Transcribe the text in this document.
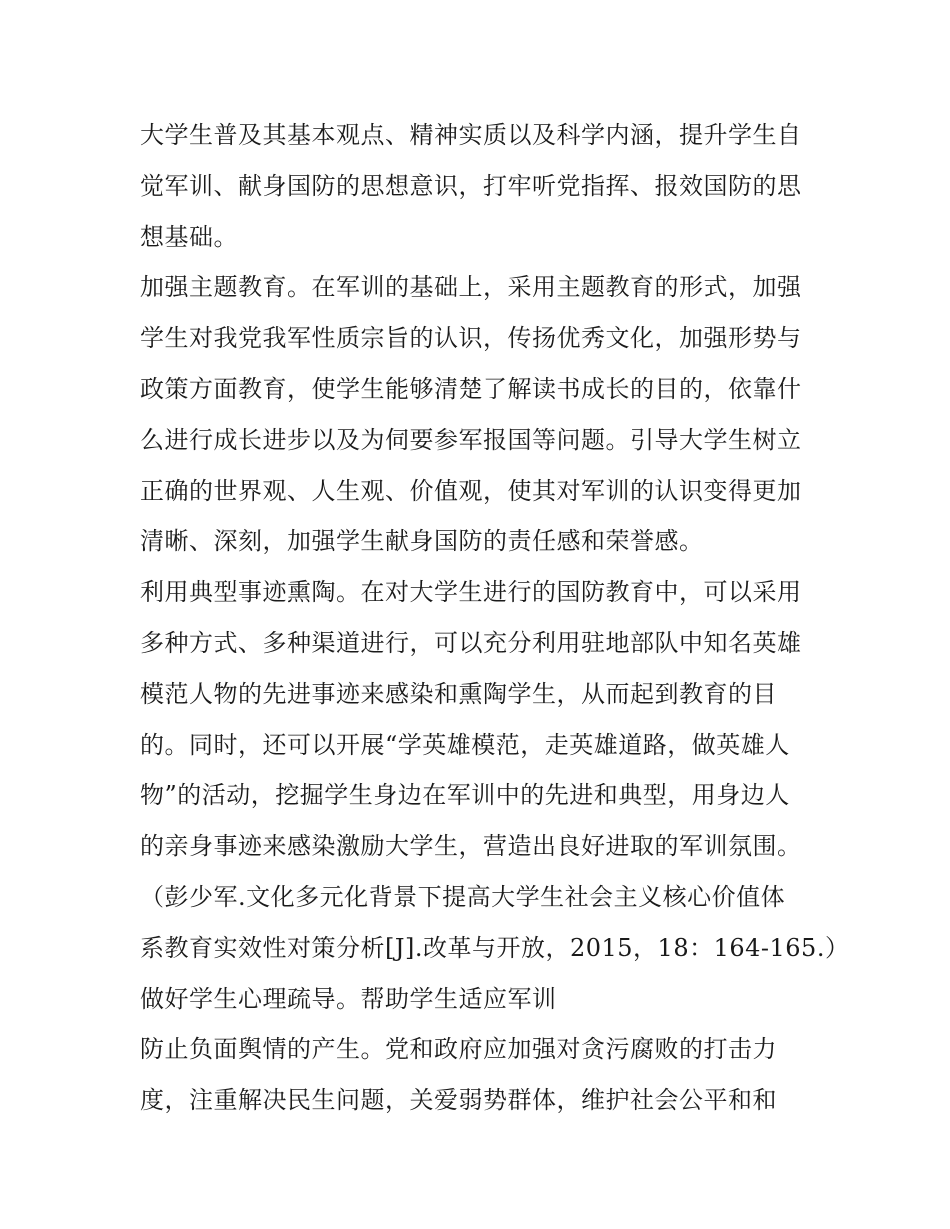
大学生普及其基本观点、精神实质以及科学内涵，提升学生自
觉军训、献身国防的思想意识，打牢听党指挥、报效国防的思
想基础。
加强主题教育。在军训的基础上，采用主题教育的形式，加强
学生对我党我军性质宗旨的认识，传扬优秀文化，加强形势与
政策方面教育，使学生能够清楚了解读书成长的目的，依靠什
么进行成长进步以及为伺要参军报国等问题。引导大学生树立
正确的世界观、人生观、价值观，使其对军训的认识变得更加
清晰、深刻，加强学生献身国防的责任感和荣誉感。
利用典型事迹熏陶。在对大学生进行的国防教育中，可以采用
多种方式、多种渠道进行，可以充分利用驻地部队中知名英雄
模范人物的先进事迹来感染和熏陶学生，从而起到教育的目
的。同时，还可以开展“学英雄模范，走英雄道路，做英雄人
物”的活动，挖掘学生身边在军训中的先进和典型，用身边人
的亲身事迹来感染激励大学生，营造出良好进取的军训氛围。
（彭少军.文化多元化背景下提高大学生社会主义核心价值体
系教育实效性对策分析[J].改革与开放，2015，18：164-165.）
做好学生心理疏导。帮助学生适应军训
防止负面舆情的产生。党和政府应加强对贪污腐败的打击力
度，注重解决民生问题，关爱弱势群体，维护社会公平和和
